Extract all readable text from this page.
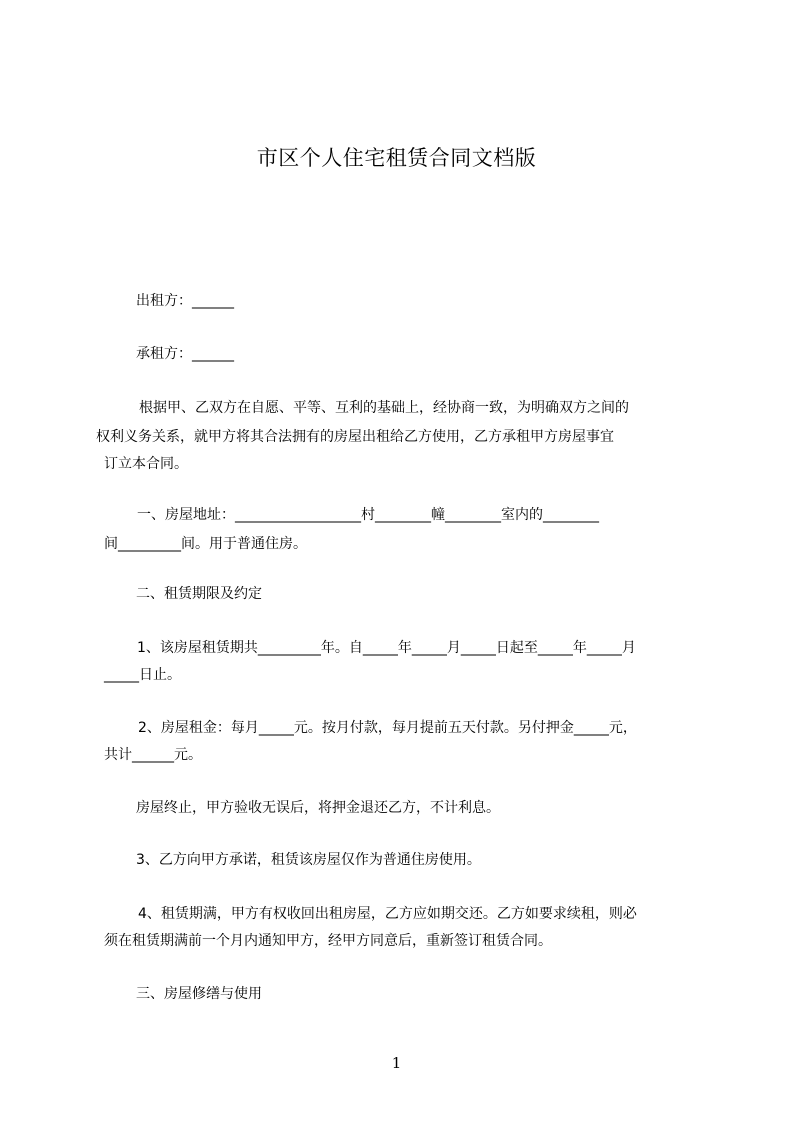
市区个人住宅租赁合同文档版
出租方：______
承租方：______
根据甲、乙双方在自愿、平等、互利的基础上，经协商一致，为明确双方之间的
权利义务关系，就甲方将其合法拥有的房屋出租给乙方使用，乙方承租甲方房屋事宜
订立本合同。
一、房屋地址：__________________村________幢________室内的________
间_________间。用于普通住房。
二、租赁期限及约定
1、该房屋租赁期共_________年。自_____年_____月_____日起至_____年_____月
_____日止。
2、房屋租金：每月_____元。按月付款，每月提前五天付款。另付押金_____元，
共计______元。
房屋终止，甲方验收无误后，将押金退还乙方，不计利息。
3、乙方向甲方承诺，租赁该房屋仅作为普通住房使用。
4、租赁期满，甲方有权收回出租房屋，乙方应如期交还。乙方如要求续租，则必
须在租赁期满前一个月内通知甲方，经甲方同意后，重新签订租赁合同。
三、房屋修缮与使用
1
